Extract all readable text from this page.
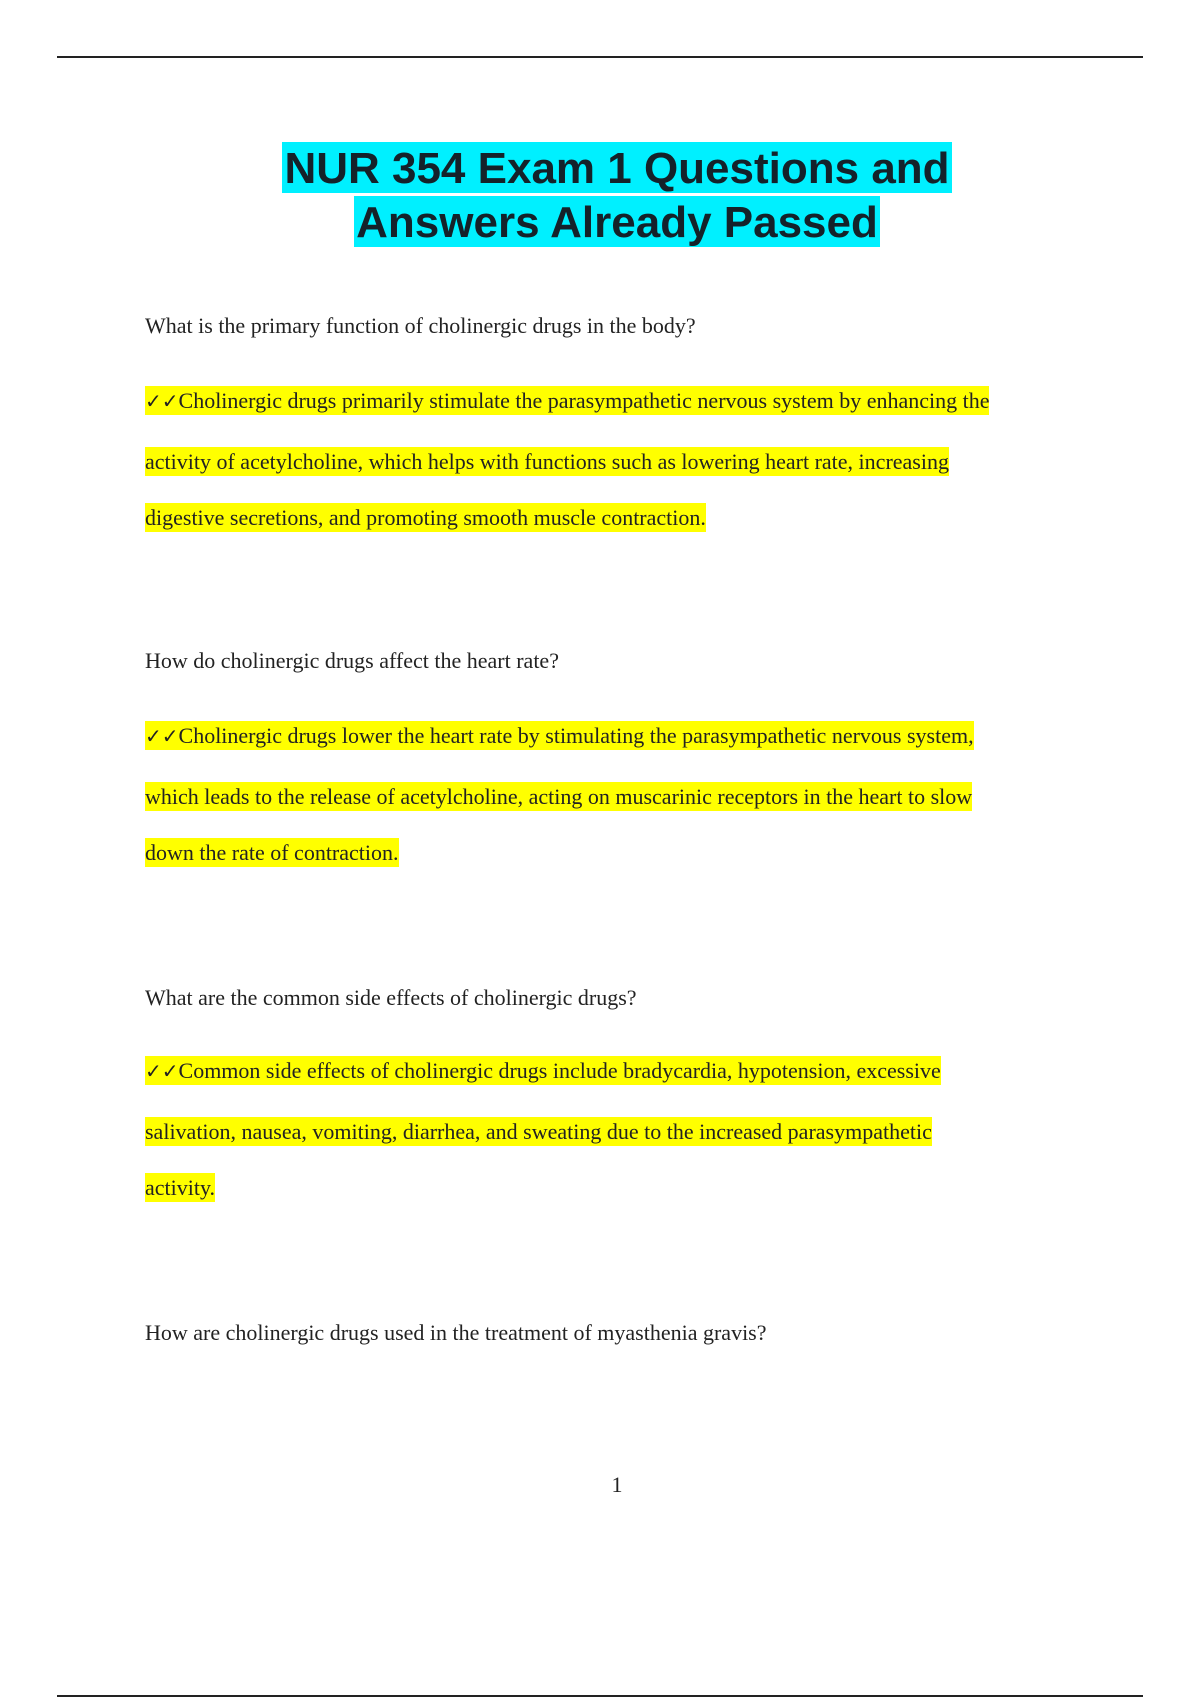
NUR 354 Exam 1 Questions and
Answers Already Passed
What is the primary function of cholinergic drugs in the body?
✓✓Cholinergic drugs primarily stimulate the parasympathetic nervous system by enhancing the
activity of acetylcholine, which helps with functions such as lowering heart rate, increasing
digestive secretions, and promoting smooth muscle contraction.
How do cholinergic drugs affect the heart rate?
✓✓Cholinergic drugs lower the heart rate by stimulating the parasympathetic nervous system,
which leads to the release of acetylcholine, acting on muscarinic receptors in the heart to slow
down the rate of contraction.
What are the common side effects of cholinergic drugs?
✓✓Common side effects of cholinergic drugs include bradycardia, hypotension, excessive
salivation, nausea, vomiting, diarrhea, and sweating due to the increased parasympathetic
activity.
How are cholinergic drugs used in the treatment of myasthenia gravis?
1
